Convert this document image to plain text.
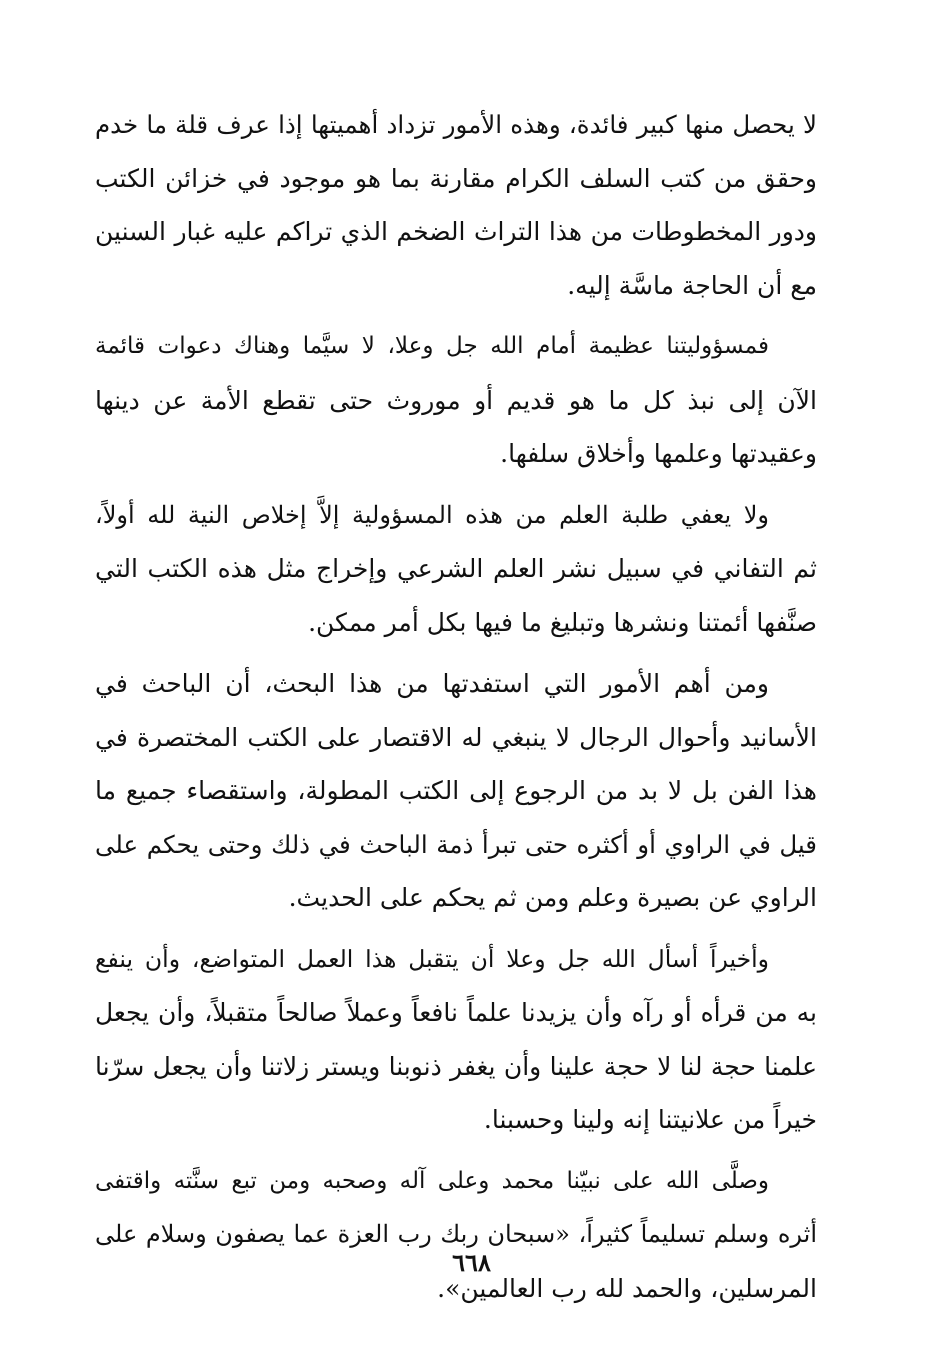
لا يحصل منها كبير فائدة، وهذه الأمور تزداد أهميتها إذا عرف قلة ما خدم
وحقق من كتب السلف الكرام مقارنة بما هو موجود في خزائن الكتب
ودور المخطوطات من هذا التراث الضخم الذي تراكم عليه غبار السنين
مع أن الحاجة ماسَّة إليه.

فمسؤوليتنا عظيمة أمام الله جل وعلا، لا سيَّما وهناك دعوات قائمة
الآن إلى نبذ كل ما هو قديم أو موروث حتى تقطع الأمة عن دينها
وعقيدتها وعلمها وأخلاق سلفها.

ولا يعفي طلبة العلم من هذه المسؤولية إلاَّ إخلاص النية لله أولاً،
ثم التفاني في سبيل نشر العلم الشرعي وإخراج مثل هذه الكتب التي
صنَّفها أئمتنا ونشرها وتبليغ ما فيها بكل أمر ممكن.

ومن أهم الأمور التي استفدتها من هذا البحث، أن الباحث في
الأسانيد وأحوال الرجال لا ينبغي له الاقتصار على الكتب المختصرة في
هذا الفن بل لا بد من الرجوع إلى الكتب المطولة، واستقصاء جميع ما
قيل في الراوي أو أكثره حتى تبرأ ذمة الباحث في ذلك وحتى يحكم على
الراوي عن بصيرة وعلم ومن ثم يحكم على الحديث.

وأخيراً أسأل الله جل وعلا أن يتقبل هذا العمل المتواضع، وأن ينفع
به من قرأه أو رآه وأن يزيدنا علماً نافعاً وعملاً صالحاً متقبلاً، وأن يجعل
علمنا حجة لنا لا حجة علينا وأن يغفر ذنوبنا ويستر زلاتنا وأن يجعل سرّنا
خيراً من علانيتنا إنه ولينا وحسبنا.

وصلَّى الله على نبيّنا محمد وعلى آله وصحبه ومن تبع سنَّته واقتفى
أثره وسلم تسليماً كثيراً، «سبحان ربك رب العزة عما يصفون وسلام على
المرسلين، والحمد لله رب العالمين».

٦٦٨
